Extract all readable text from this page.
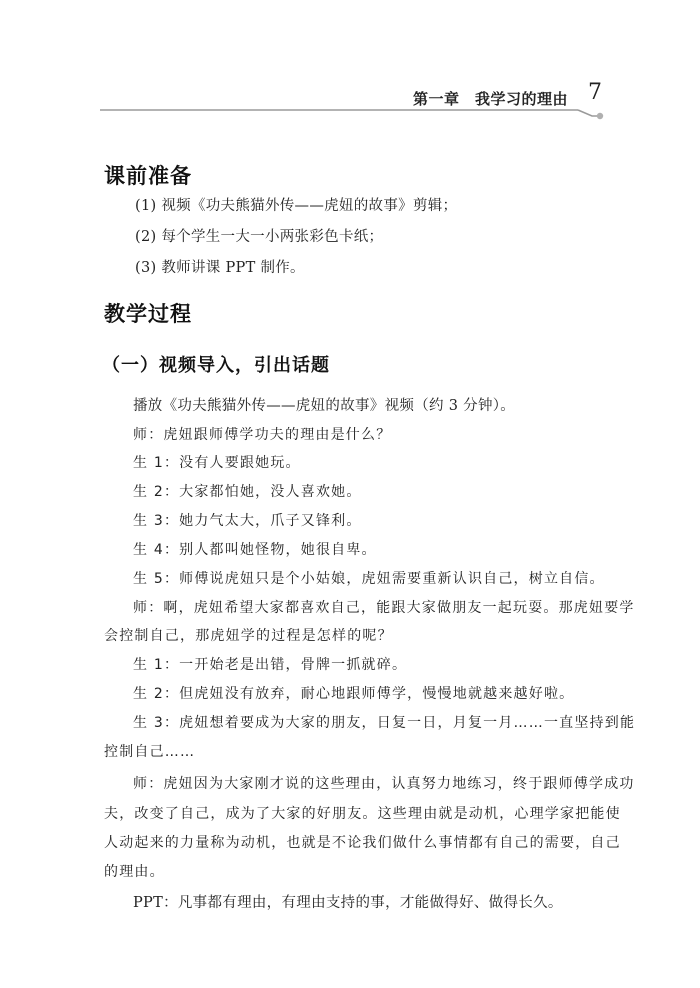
第一章　我学习的理由 7
课前准备
(1) 视频《功夫熊猫外传——虎妞的故事》剪辑；
(2) 每个学生一大一小两张彩色卡纸；
(3) 教师讲课 PPT 制作。
教学过程
（一）视频导入，引出话题
播放《功夫熊猫外传——虎妞的故事》视频（约 3 分钟）。
师：虎妞跟师傅学功夫的理由是什么？
生 1：没有人要跟她玩。
生 2：大家都怕她，没人喜欢她。
生 3：她力气太大，爪子又锋利。
生 4：别人都叫她怪物，她很自卑。
生 5：师傅说虎妞只是个小姑娘，虎妞需要重新认识自己，树立自信。
师：啊，虎妞希望大家都喜欢自己，能跟大家做朋友一起玩耍。那虎妞要学
会控制自己，那虎妞学的过程是怎样的呢？
生 1：一开始老是出错，骨牌一抓就碎。
生 2：但虎妞没有放弃，耐心地跟师傅学，慢慢地就越来越好啦。
生 3：虎妞想着要成为大家的朋友，日复一日，月复一月……一直坚持到能
控制自己……
师：虎妞因为大家刚才说的这些理由，认真努力地练习，终于跟师傅学成功
夫，改变了自己，成为了大家的好朋友。这些理由就是动机，心理学家把能使
人动起来的力量称为动机，也就是不论我们做什么事情都有自己的需要，自己
的理由。
PPT：凡事都有理由，有理由支持的事，才能做得好、做得长久。
